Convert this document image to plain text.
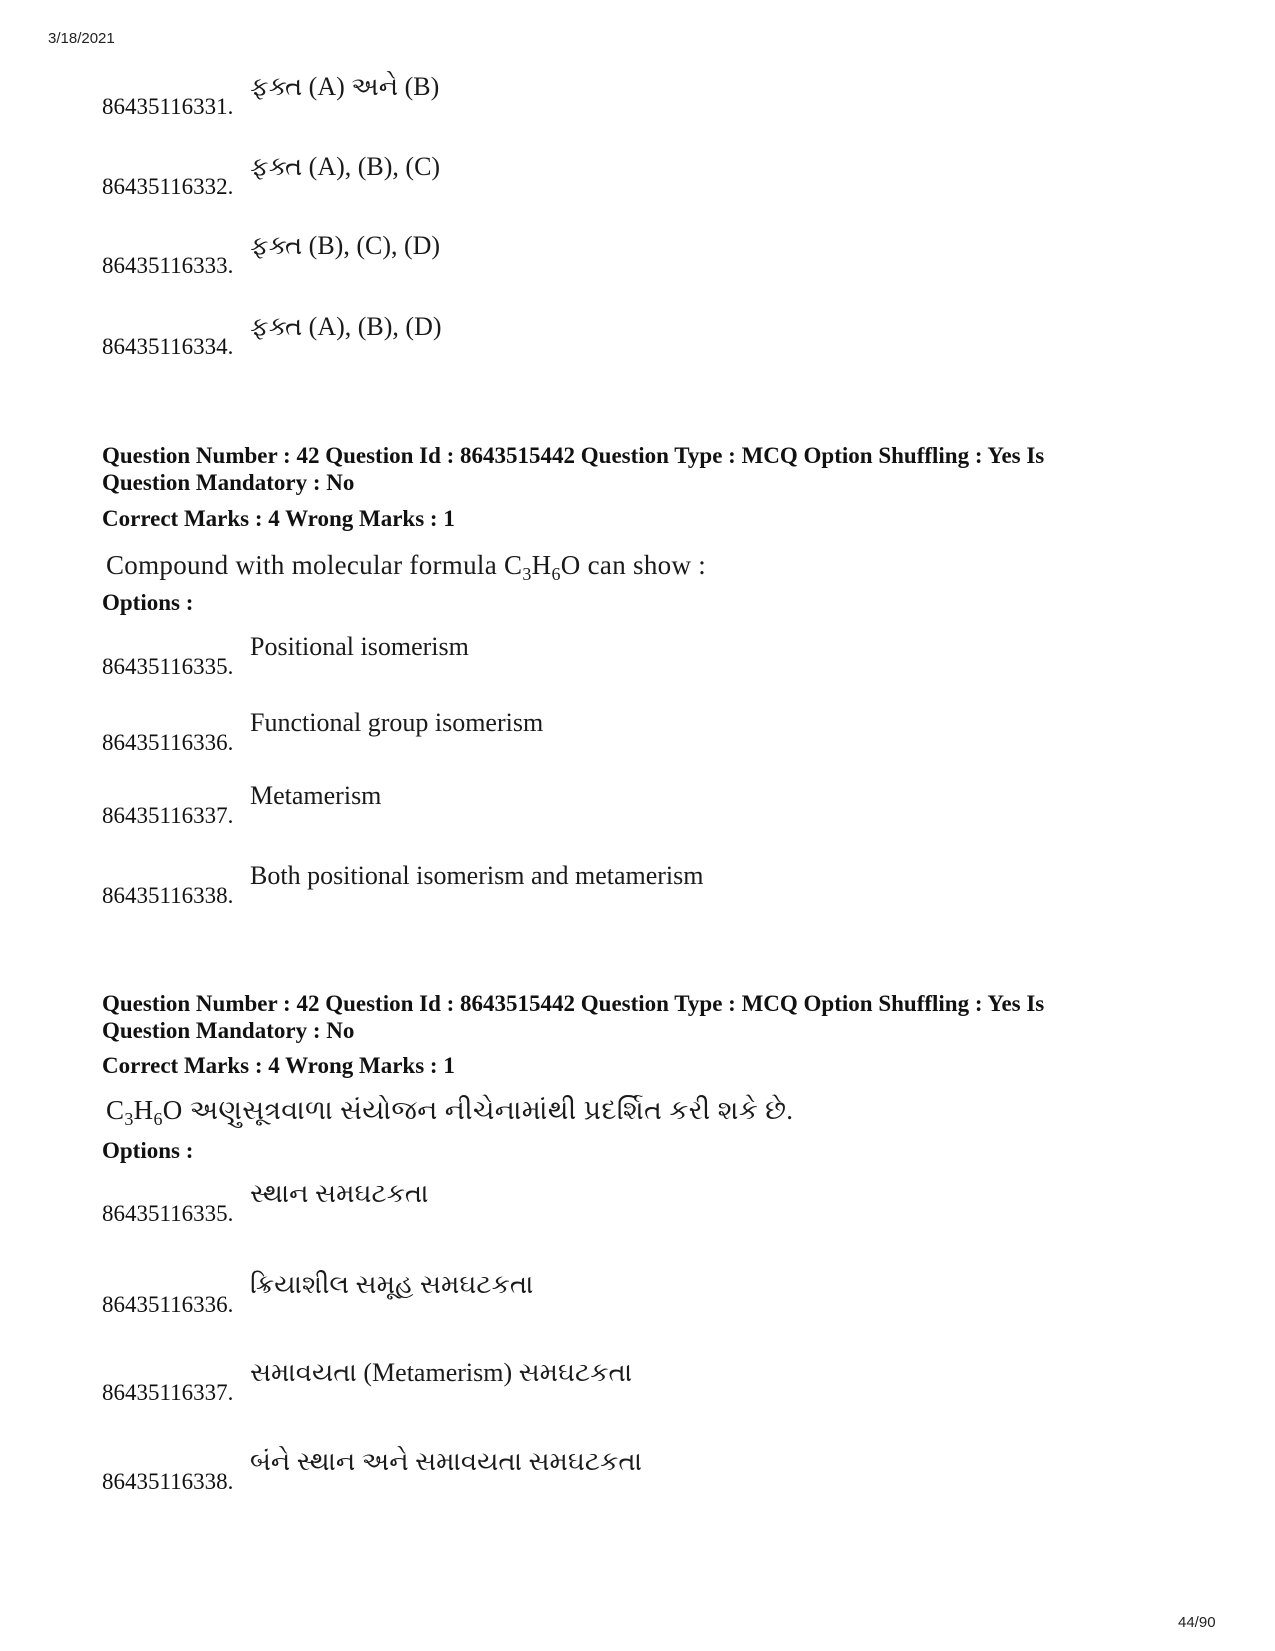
3/18/2021
86435116331.
ફક્ત (A) અને (B)
86435116332.
ફક્ત (A), (B), (C)
86435116333.
ફક્ત (B), (C), (D)
86435116334.
ફક્ત (A), (B), (D)
Question Number : 42 Question Id : 8643515442 Question Type : MCQ Option Shuffling : Yes Is Question Mandatory : No
Correct Marks : 4 Wrong Marks : 1
Compound with molecular formula $C_3H_6O$ can show :
Options :
86435116335.
Positional isomerism
86435116336.
Functional group isomerism
86435116337.
Metamerism
86435116338.
Both positional isomerism and metamerism
Question Number : 42 Question Id : 8643515442 Question Type : MCQ Option Shuffling : Yes Is Question Mandatory : No
Correct Marks : 4 Wrong Marks : 1
$C_3H_6O$ અણુસૂત્રવાળા સંયોજન નીચેનામાંથી પ્રદર્શિત કરી શકે છે.
Options :
86435116335.
સ્થાન સમઘટકતા
86435116336.
ક્રિયાશીલ સમૂહ સમઘટકતા
86435116337.
સમાવયતા (Metamerism) સમઘટકતા
86435116338.
બંને સ્થાન અને સમાવયતા સમઘટકતા
44/90
